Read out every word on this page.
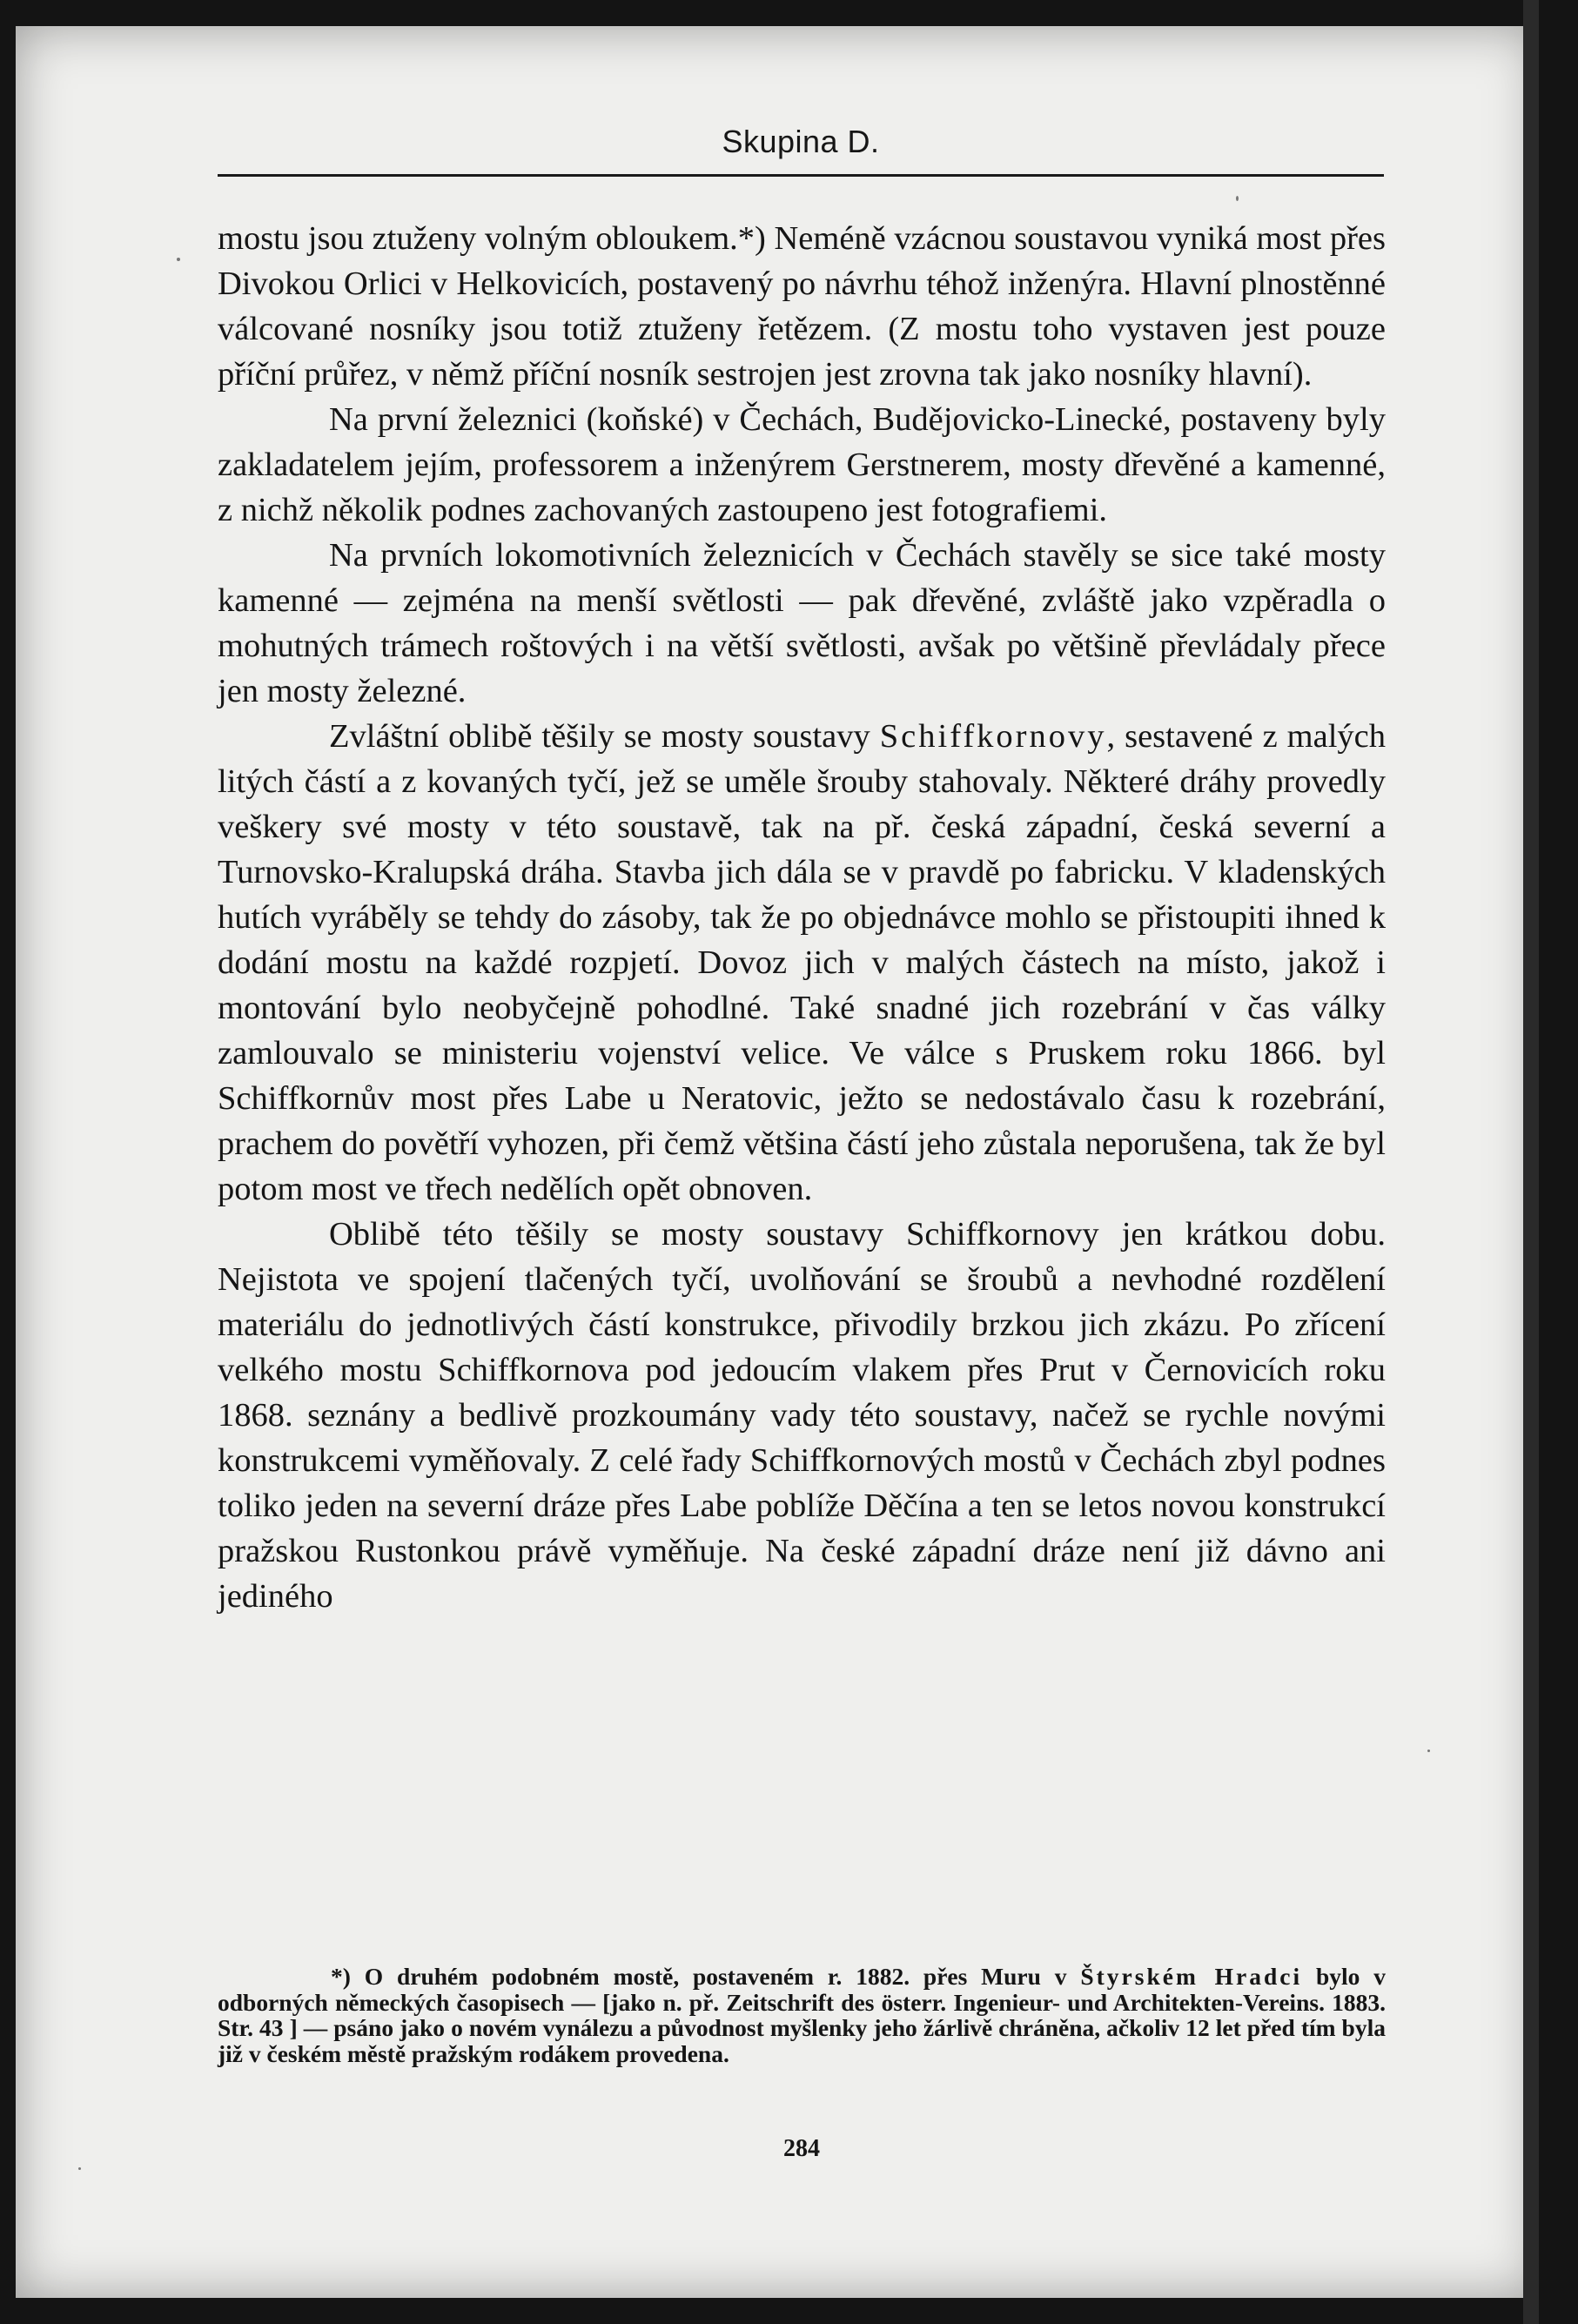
Skupina D.

mostu jsou ztuženy volným obloukem.*) Neméně vzácnou soustavou vyniká most přes Divokou Orlici v Helkovicích, postavený po návrhu téhož inženýra. Hlavní plnostěnné válcované nosníky jsou totiž ztuženy řetězem. (Z mostu toho vystaven jest pouze příční průřez, v němž příční nosník sestrojen jest zrovna tak jako nosníky hlavní).

Na první železnici (koňské) v Čechách, Budějovicko-Linecké, postaveny byly zakladatelem jejím, professorem a inženýrem Gerstnerem, mosty dřevěné a kamenné, z nichž několik podnes zachovaných zastoupeno jest fotografiemi.

Na prvních lokomotivních železnicích v Čechách stavěly se sice také mosty kamenné — zejména na menší světlosti — pak dřevěné, zvláště jako vzpěradla o mohutných trámech roštových i na větší světlosti, avšak po většině převládaly přece jen mosty železné.

Zvláštní oblibě těšily se mosty soustavy Schiffkornovy, sestavené z malých litých částí a z kovaných tyčí, jež se uměle šrouby stahovaly. Některé dráhy provedly veškery své mosty v této soustavě, tak na př. česká západní, česká severní a Turnovsko-Kralupská dráha. Stavba jich dála se v pravdě po fabricku. V kladenských hutích vyráběly se tehdy do zásoby, tak že po objednávce mohlo se přistoupiti ihned k dodání mostu na každé rozpjetí. Dovoz jich v malých částech na místo, jakož i montování bylo neobyčejně pohodlné. Také snadné jich rozebrání v čas války zamlouvalo se ministeriu vojenství velice. Ve válce s Pruskem roku 1866. byl Schiffkornův most přes Labe u Neratovic, ježto se nedostávalo času k rozebrání, prachem do povětří vyhozen, při čemž většina částí jeho zůstala neporušena, tak že byl potom most ve třech nedělích opět obnoven.

Oblibě této těšily se mosty soustavy Schiffkornovy jen krátkou dobu. Nejistota ve spojení tlačených tyčí, uvolňování se šroubů a nevhodné rozdělení materiálu do jednotlivých částí konstrukce, přivodily brzkou jich zkázu. Po zřícení velkého mostu Schiffkornova pod jedoucím vlakem přes Prut v Černovicích roku 1868. seznány a bedlivě prozkoumány vady této soustavy, načež se rychle novými konstrukcemi vyměňovaly. Z celé řady Schiffkornových mostů v Čechách zbyl podnes toliko jeden na severní dráze přes Labe poblíže Děčína a ten se letos novou konstrukcí pražskou Rustonkou právě vyměňuje. Na české západní dráze není již dávno ani jediného

*) O druhém podobném mostě, postaveném r. 1882. přes Muru v Štyrském Hradci bylo v odborných německých časopisech — [jako n. př. Zeitschrift des österr. Ingenieur- und Architekten-Vereins. 1883. Str. 43 ] — psáno jako o novém vynálezu a původnost myšlenky jeho žárlivě chráněna, ačkoliv 12 let před tím byla již v českém městě pražským rodákem provedena.

284
